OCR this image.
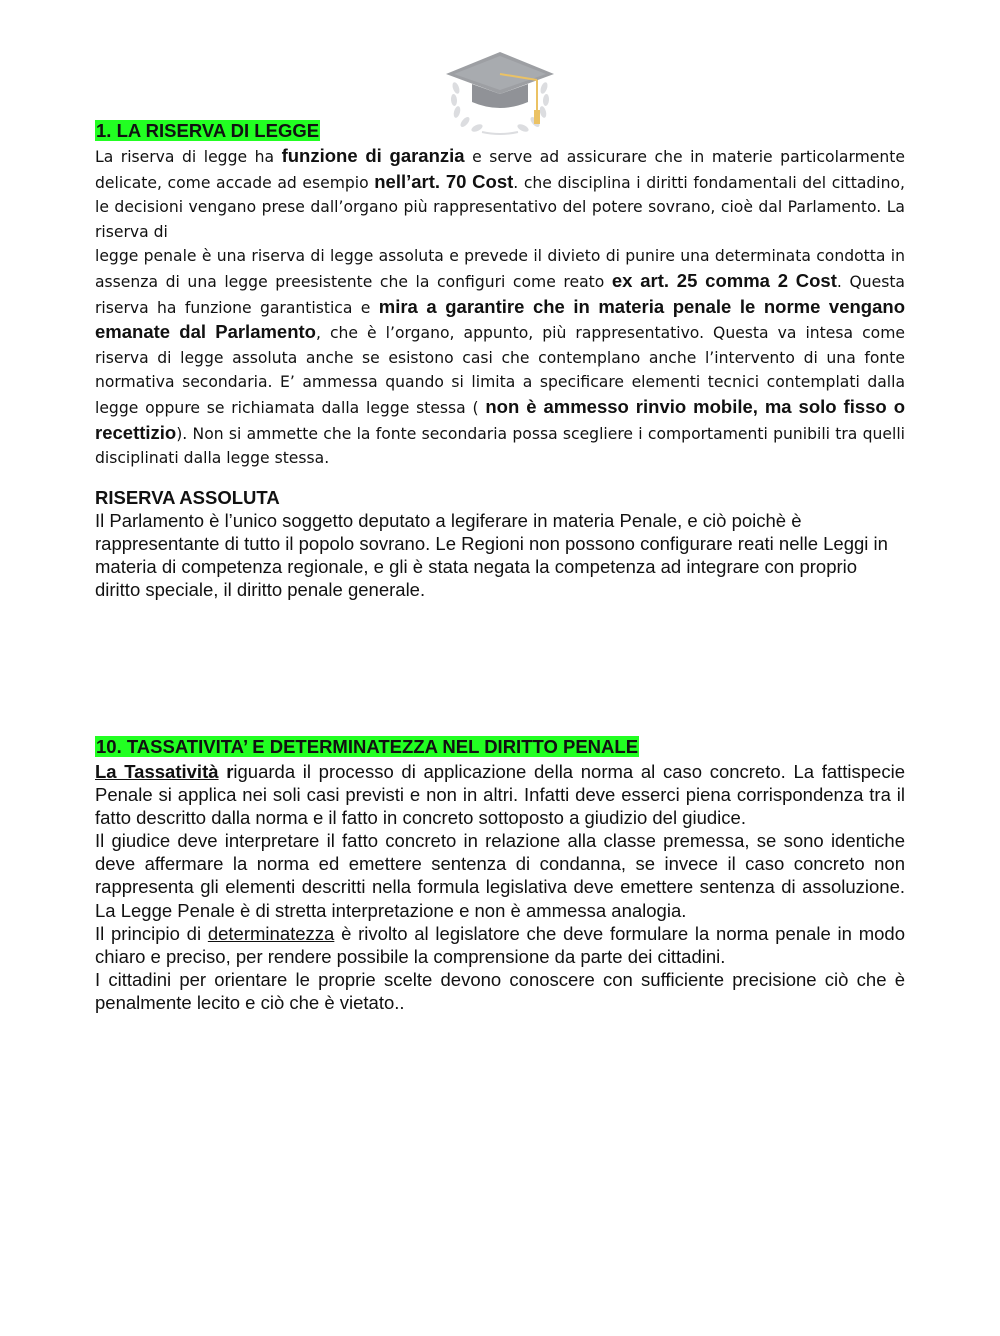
1. LA RISERVA DI LEGGE

La riserva di legge ha funzione di garanzia e serve ad assicurare che in materie particolarmente delicate, come accade ad esempio nell’art. 70 Cost. che disciplina i diritti fondamentali del cittadino, le decisioni vengano prese dall’organo più rappresentativo del potere sovrano, cioè dal Parlamento. La riserva di

legge penale è una riserva di legge assoluta e prevede il divieto di punire una determinata condotta in assenza di una legge preesistente che la configuri come reato ex art. 25 comma 2 Cost. Questa riserva ha funzione garantistica e mira a garantire che in materia penale le norme vengano emanate dal Parlamento, che è l’organo, appunto, più rappresentativo. Questa va intesa come riserva di legge assoluta anche se esistono casi che contemplano anche l’intervento di una fonte normativa secondaria. E’ ammessa quando si limita a specificare elementi tecnici contemplati dalla legge oppure se richiamata dalla legge stessa ( non è ammesso rinvio mobile, ma solo fisso o recettizio). Non si ammette che la fonte secondaria possa scegliere i comportamenti punibili tra quelli disciplinati dalla legge stessa.

RISERVA ASSOLUTA

Il Parlamento è l’unico soggetto deputato a legiferare in materia Penale, e ciò poichè è rappresentante di tutto il popolo sovrano. Le Regioni non possono configurare reati nelle Leggi in materia di competenza regionale, e gli è stata negata la competenza ad integrare con proprio diritto speciale, il diritto penale generale.

10. TASSATIVITA’ E DETERMINATEZZA NEL DIRITTO PENALE

La Tassatività riguarda il processo di applicazione della norma al caso concreto. La fattispecie Penale si applica nei soli casi previsti e non in altri. Infatti deve esserci piena corrispondenza tra il fatto descritto dalla norma e il fatto in concreto sottoposto a giudizio del giudice.

Il giudice deve interpretare il fatto concreto in relazione alla classe premessa, se sono identiche deve affermare la norma ed emettere sentenza di condanna, se invece il caso concreto non rappresenta gli elementi descritti nella formula legislativa deve emettere sentenza di assoluzione. La Legge Penale è di stretta interpretazione e non è ammessa analogia.

Il principio di determinatezza è rivolto al legislatore che deve formulare la norma penale in modo chiaro e preciso, per rendere possibile la comprensione da parte dei cittadini.

I cittadini per orientare le proprie scelte devono conoscere con sufficiente precisione ciò che è penalmente lecito e ciò che è vietato..
